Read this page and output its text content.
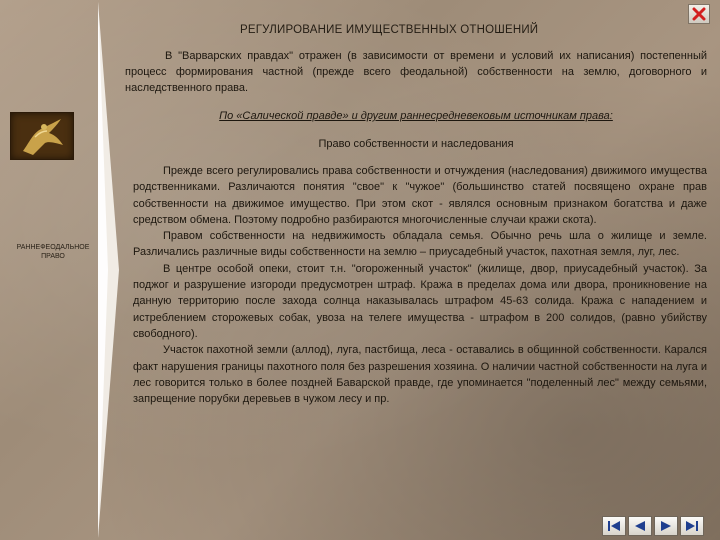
РАННЕФЕОДАЛЬНОЕ ПРАВО
РЕГУЛИРОВАНИЕ ИМУЩЕСТВЕННЫХ ОТНОШЕНИЙ
В "Варварских правдах" отражен (в зависимости от времени и условий их написания) постепенный процесс формирования частной (прежде всего феодальной) собственности на землю, договорного и наследственного права.
По «Салической правде» и другим раннесредневековым источникам права:
Право собственности и наследования

Прежде всего регулировались права собственности и отчуждения (наследования) движимого имущества родственниками. Различаются понятия "свое" к "чужое" (большинство статей посвящено охране прав собственности на движимое имущество. При этом скот - являлся основным признаком богатства и даже средством обмена. Поэтому подробно разбираются многочисленные случаи кражи скота).

Правом собственности на недвижимость обладала семья. Обычно речь шла о жилище и земле. Различались различные виды собственности на землю – приусадебный участок, пахотная земля, луг, лес.

В центре особой опеки, стоит т.н. "огороженный участок" (жилище, двор, приусадебный участок). За поджог и разрушение изгороди предусмотрен штраф. Кража в пределах дома или двора, проникновение на данную территорию после захода солнца наказывалась штрафом 45-63 солида. Кража с нападением и истреблением сторожевых собак, увоза на телеге имущества - штрафом в 200 солидов, (равно убийству свободного).

Участок пахотной земли (аллод), луга, пастбища, леса - оставались в общинной собственности. Карался факт нарушения границы пахотного поля без разрешения хозяина. О наличии частной собственности на луга и лес говорится только в более поздней Баварской правде, где упоминается "поделенный лес" между семьями, запрещение порубки деревьев в чужом лесу и пр.
